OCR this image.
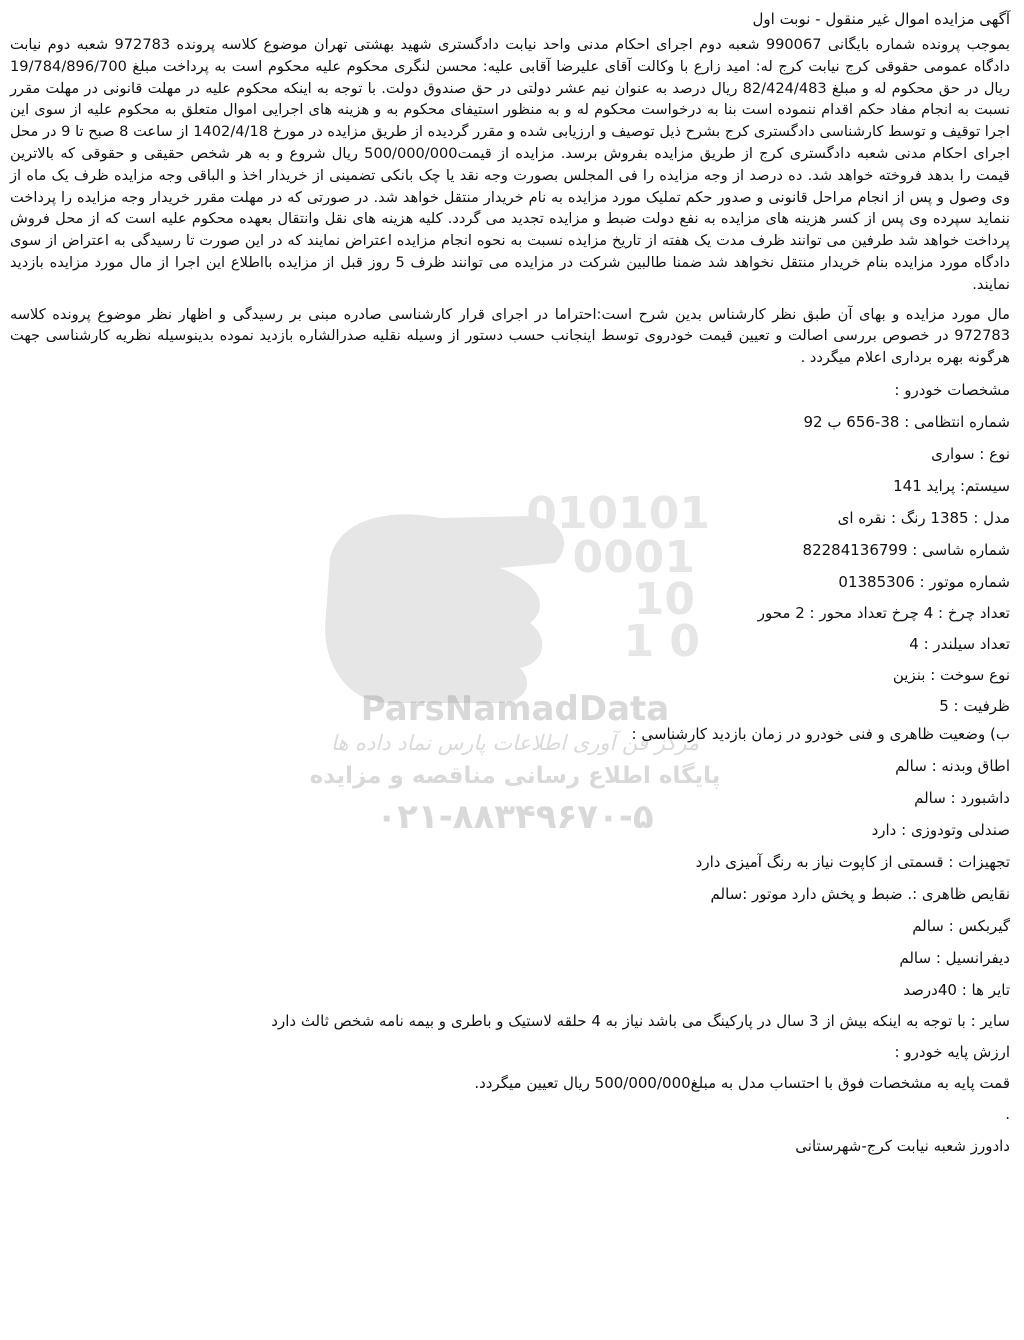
010101
0001
10
1 0
ParsNamadData
مرکز فن آوری اطلاعات پارس نماد داده ها
پایگاه اطلاع رسانی مناقصه و مزایده
۰۲۱-۸۸۳۴۹۶۷۰-۵
آگهی مزایده اموال غیر منقول - نوبت اول

بموجب پرونده شماره بایگانی 990067 شعبه دوم اجرای احکام مدنی واحد نیابت دادگستری شهید بهشتی تهران موضوع کلاسه پرونده 972783 شعبه دوم نیابت دادگاه عمومی حقوقی کرج نیابت کرج له: امید زارع با وکالت آقای علیرضا آقابی علیه: محسن لنگری محکوم علیه محکوم است به پرداخت مبلغ 19/784/896/700 ریال در حق محکوم له و مبلغ 82/424/483 ریال درصد به عنوان نیم عشر دولتی در حق صندوق دولت. با توجه به اینکه محکوم علیه در مهلت قانونی در مهلت مقرر نسبت به انجام مفاد حکم اقدام ننموده است بنا به درخواست محکوم له و به منظور استیفای محکوم به و هزینه های اجرایی اموال متعلق به محکوم علیه از سوی این اجرا توقیف و توسط کارشناسی دادگستری کرج بشرح ذیل توصیف و ارزیابی شده و مقرر گردیده از طریق مزایده در مورخ 1402/4/18 از ساعت 8 صبح تا 9 در محل اجرای احکام مدنی شعبه دادگستری کرج از طریق مزایده بفروش برسد. مزایده از قیمت500/000/000 ریال شروع و به هر شخص حقیقی و حقوقی که بالاترین قیمت را بدهد فروخته خواهد شد. ده درصد از وجه مزایده را فی المجلس بصورت وجه نقد یا چک بانکی تضمینی از خریدار اخذ و الباقی وجه مزایده ظرف یک ماه از وی وصول و پس از انجام مراحل قانونی و صدور حکم تملیک مورد مزایده به نام خریدار منتقل خواهد شد. در صورتی که در مهلت مقرر خریدار وجه مزایده را پرداخت ننماید سپرده وی پس از کسر هزینه های مزایده به نفع دولت ضبط و مزایده تجدید می گردد. کلیه هزینه های نقل وانتقال بعهده محکوم علیه است که از محل فروش پرداخت خواهد شد طرفین می توانند ظرف مدت یک هفته از تاریخ مزایده نسبت به نحوه انجام مزایده اعتراض نمایند که در این صورت تا رسیدگی به اعتراض از سوی دادگاه مورد مزایده بنام خریدار منتقل نخواهد شد ضمنا طالبین شرکت در مزایده می توانند ظرف 5 روز قبل از مزایده بااطلاع این اجرا از مال مورد مزایده بازدید نمایند.

مال مورد مزایده و بهای آن طبق نظر کارشناس بدین شرح است:احتراما در اجرای قرار کارشناسی صادره مبنی بر رسیدگی و اظهار نظر موضوع پرونده کلاسه 972783 در خصوص بررسی اصالت و تعیین قیمت خودروی توسط اینجانب حسب دستور از وسیله نقلیه صدرالشاره بازدید نموده بدینوسیله نظریه کارشناسی جهت هرگونه بهره برداری اعلام میگردد .

مشخصات خودرو :

شماره انتظامی : 38-656 ب 92

نوع : سواری

سیستم: پراید 141

مدل : 1385 رنگ : نقره ای

شماره شاسی : 82284136799

شماره موتور : 01385306

تعداد چرخ : 4 چرخ تعداد محور : 2 محور

تعداد سیلندر : 4

نوع سوخت : بنزین

ظرفیت : 5

ب) وضعیت ظاهری و فنی خودرو در زمان بازدید کارشناسی :

اطاق وبدنه : سالم

داشبورد : سالم

صندلی وتودوزی : دارد

تجهیزات : قسمتی از کاپوت نیاز به رنگ آمیزی دارد

نقایص ظاهری :. ضبط و پخش دارد موتور :سالم

گیربکس : سالم

دیفرانسیل : سالم

تایر ها : 40درصد

سایر : با توجه به اینکه بیش از 3 سال در پارکینگ می باشد نیاز به 4 حلقه لاستیک و باطری و بیمه نامه شخص ثالث دارد

ارزش پایه خودرو :

قمت پایه به مشخصات فوق با احتساب مدل به مبلغ500/000/000 ریال تعیین میگردد.

.

دادورز شعبه نیابت کرج-شهرستانی
